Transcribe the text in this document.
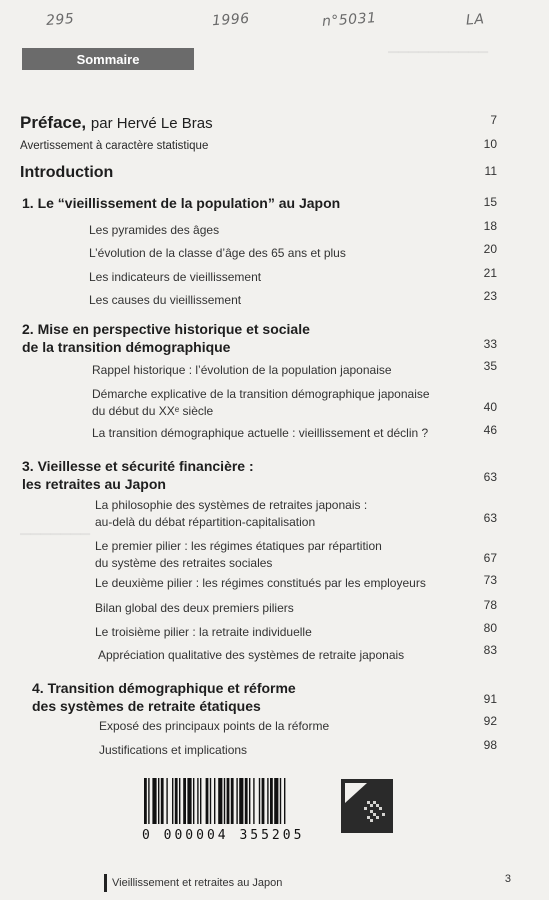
▁▁▁▁▁▁▁▁▁▁
▁▁▁▁▁▁▁
295	1996	n°5031	LA
Sommaire
Préface, par Hervé Le Bras	7
Avertissement à caractère statistique	10
Introduction	11
1. Le “vieillissement de la population” au Japon	15
Les pyramides des âges	18
L’évolution de la classe d’âge des 65 ans et plus	20
Les indicateurs de vieillissement	21
Les causes du vieillissement	23
2. Mise en perspective historique et sociale
de la transition démographique	33
Rappel historique : l’évolution de la population japonaise	35
Démarche explicative de la transition démographique japonaise
du début du XXᵉ siècle	40
La transition démographique actuelle : vieillissement et déclin ?	46
3. Vieillesse et sécurité financière :
les retraites au Japon	63
La philosophie des systèmes de retraites japonais :
au-delà du débat répartition-capitalisation	63
Le premier pilier : les régimes étatiques par répartition
du système des retraites sociales	67
Le deuxième pilier : les régimes constitués par les employeurs	73
Bilan global des deux premiers piliers	78
Le troisième pilier : la retraite individuelle	80
Appréciation qualitative des systèmes de retraite japonais	83
4. Transition démographique et réforme
des systèmes de retraite étatiques	91
Exposé des principaux points de la réforme	92
Justifications et implications	98
0 000004 355205
Vieillissement et retraites au Japon	3
